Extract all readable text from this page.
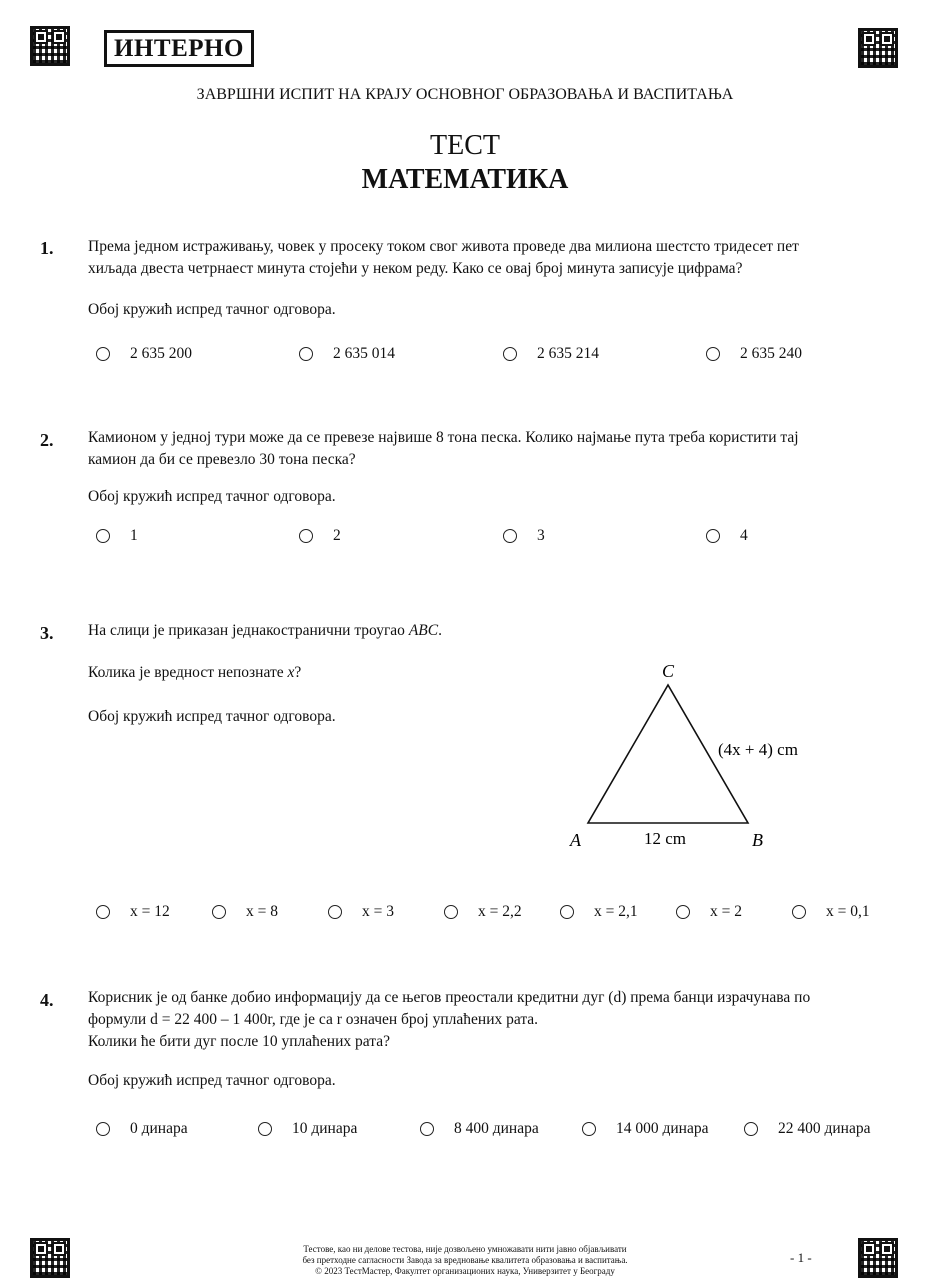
ИНТЕРНО
ЗАВРШНИ ИСПИТ НА КРАЈУ ОСНОВНОГ ОБРАЗОВАЊА И ВАСПИТАЊА
ТЕСТ
МАТЕМАТИКА
1. Према једном истраживању, човек у просеку током свог живота проведе два милиона шестсто тридесет пет
хиљада двеста четрнаест минута стојећи у неком реду. Како се овај број минута записује цифрама?
Обој кружић испред тачног одговора.
2 635 200	2 635 014	2 635 214	2 635 240
2. Камионом у једној тури може да се превезе највише 8 тона песка. Колико најмање пута треба користити тај
камион да би се превезло 30 тона песка?
Обој кружић испред тачног одговора.
1	2	3	4
3. На слици је приказан једнакостранични троугао ABC.
Колика је вредност непознате x?
Обој кружић испред тачног одговора.
C
A	B
12 cm
(4x + 4) cm
x = 12	x = 8	x = 3	x = 2,2	x = 2,1	x = 2	x = 0,1
4. Корисник је од банке добио информацију да се његов преостали кредитни дуг (d) према банци израчунава по
формули d = 22 400 – 1 400r, где је са r означен број уплаћених рата.
Колики ће бити дуг после 10 уплаћених рата?
Обој кружић испред тачног одговора.
0 динара	10 динара	8 400 динара	14 000 динара	22 400 динара
Тестове, као ни делове тестова, није дозвољено умножавати нити јавно објављивати
без претходне сагласности Завода за вредновање квалитета образовања и васпитања.
© 2023 ТестМастер, Факултет организационих наука, Универзитет у Београду
- 1 -
